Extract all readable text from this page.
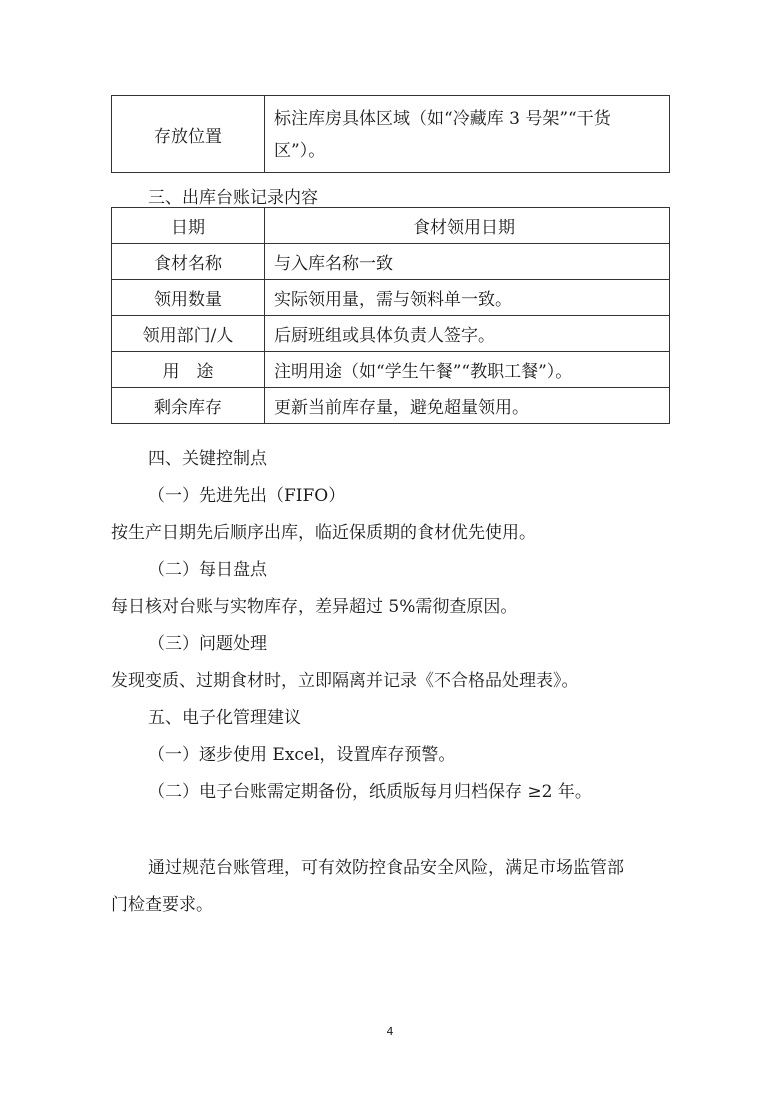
存放位置	标注库房具体区域（如“冷藏库 3 号架”“干货
区”）。
三、出库台账记录内容
日期	食材领用日期
食材名称	与入库名称一致
领用数量	实际领用量，需与领料单一致。
领用部门/人	后厨班组或具体负责人签字。
用　途	注明用途（如“学生午餐”“教职工餐”）。
剩余库存	更新当前库存量，避免超量领用。
四、关键控制点
（一）先进先出（FIFO）
按生产日期先后顺序出库，临近保质期的食材优先使用。
（二）每日盘点
每日核对台账与实物库存，差异超过 5%需彻查原因。
（三）问题处理
发现变质、过期食材时，立即隔离并记录《不合格品处理表》。
五、电子化管理建议
（一）逐步使用 Excel，设置库存预警。
（二）电子台账需定期备份，纸质版每月归档保存 ≥2 年。
通过规范台账管理，可有效防控食品安全风险，满足市场监管部
门检查要求。
4
